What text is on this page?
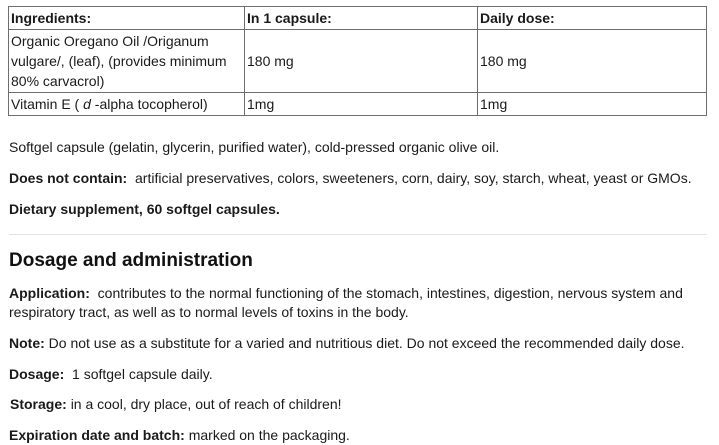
Ingredients:	In 1 capsule:	Daily dose:
Organic Oregano Oil /Origanum
vulgare/, (leaf), (provides minimum
80% carvacrol)	180 mg	180 mg
Vitamin E ( d -alpha tocopherol)	1mg	1mg

Softgel capsule (gelatin, glycerin, purified water), cold-pressed organic olive oil.

Does not contain: artificial preservatives, colors, sweeteners, corn, dairy, soy, starch, wheat, yeast or GMOs.

Dietary supplement, 60 softgel capsules.

Dosage and administration

Application: contributes to the normal functioning of the stomach, intestines, digestion, nervous system and respiratory tract, as well as to normal levels of toxins in the body.

Note: Do not use as a substitute for a varied and nutritious diet. Do not exceed the recommended daily dose.

Dosage: 1 softgel capsule daily.

Storage: in a cool, dry place, out of reach of children!

Expiration date and batch: marked on the packaging.
